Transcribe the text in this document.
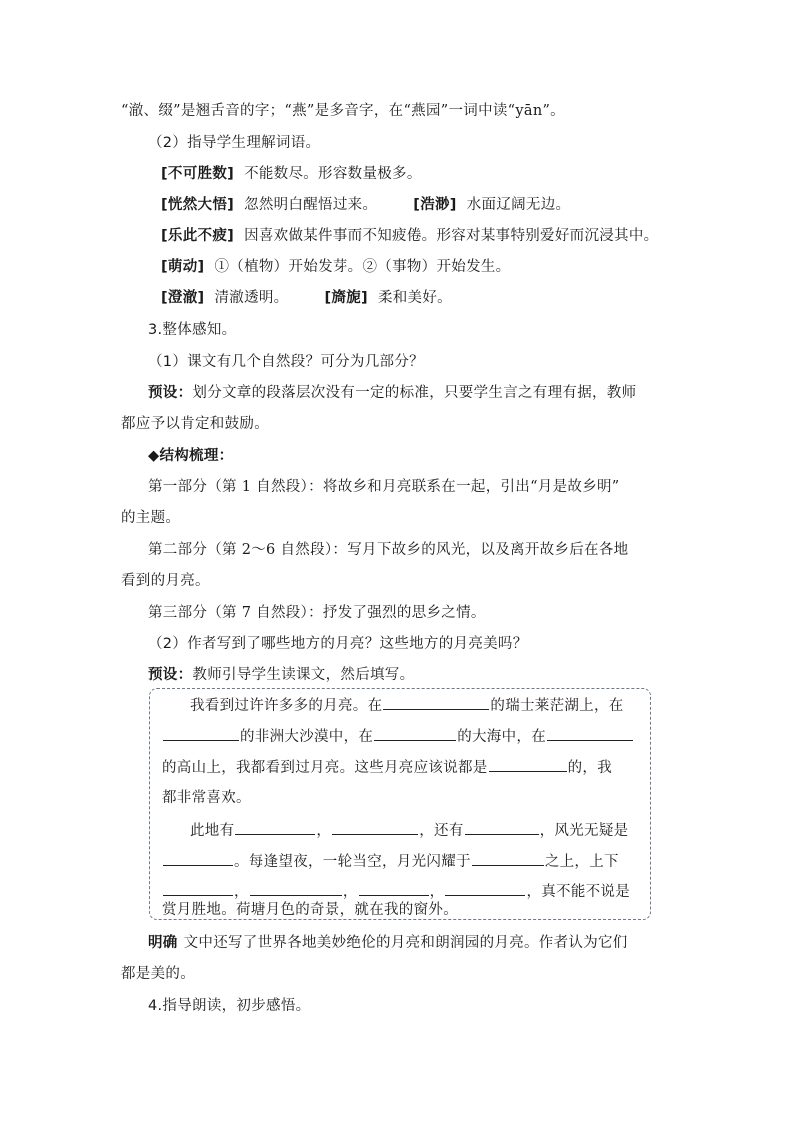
“澈、缀”是翘舌音的字；“燕”是多音字，在“燕园”一词中读“yān”。
（2）指导学生理解词语。
[不可胜数] 不能数尽。形容数量极多。
[恍然大悟] 忽然明白醒悟过来。 [浩渺] 水面辽阔无边。
[乐此不疲] 因喜欢做某件事而不知疲倦。形容对某事特别爱好而沉浸其中。
[萌动] ①（植物）开始发芽。②（事物）开始发生。
[澄澈] 清澈透明。 [旖旎] 柔和美好。
3.整体感知。
（1）课文有几个自然段？可分为几部分？
预设：划分文章的段落层次没有一定的标准，只要学生言之有理有据，教师
都应予以肯定和鼓励。
◆结构梳理：
第一部分（第 1 自然段）：将故乡和月亮联系在一起，引出“月是故乡明”
的主题。
第二部分（第 2～6 自然段）：写月下故乡的风光，以及离开故乡后在各地
看到的月亮。
第三部分（第 7 自然段）：抒发了强烈的思乡之情。
（2）作者写到了哪些地方的月亮？这些地方的月亮美吗？
预设：教师引导学生读课文，然后填写。
我看到过许许多多的月亮。在	的瑞士莱茫湖上，在
的非洲大沙漠中，在	的大海中，在
的高山上，我都看到过月亮。这些月亮应该说都是	的，我
都非常喜欢。
此地有	，	，还有	，风光无疑是
。每逢望夜，一轮当空，月光闪耀于	之上，上下
，	，	，	，真不能不说是
赏月胜地。荷塘月色的奇景，就在我的窗外。
明确 文中还写了世界各地美妙绝伦的月亮和朗润园的月亮。作者认为它们
都是美的。
4.指导朗读，初步感悟。
